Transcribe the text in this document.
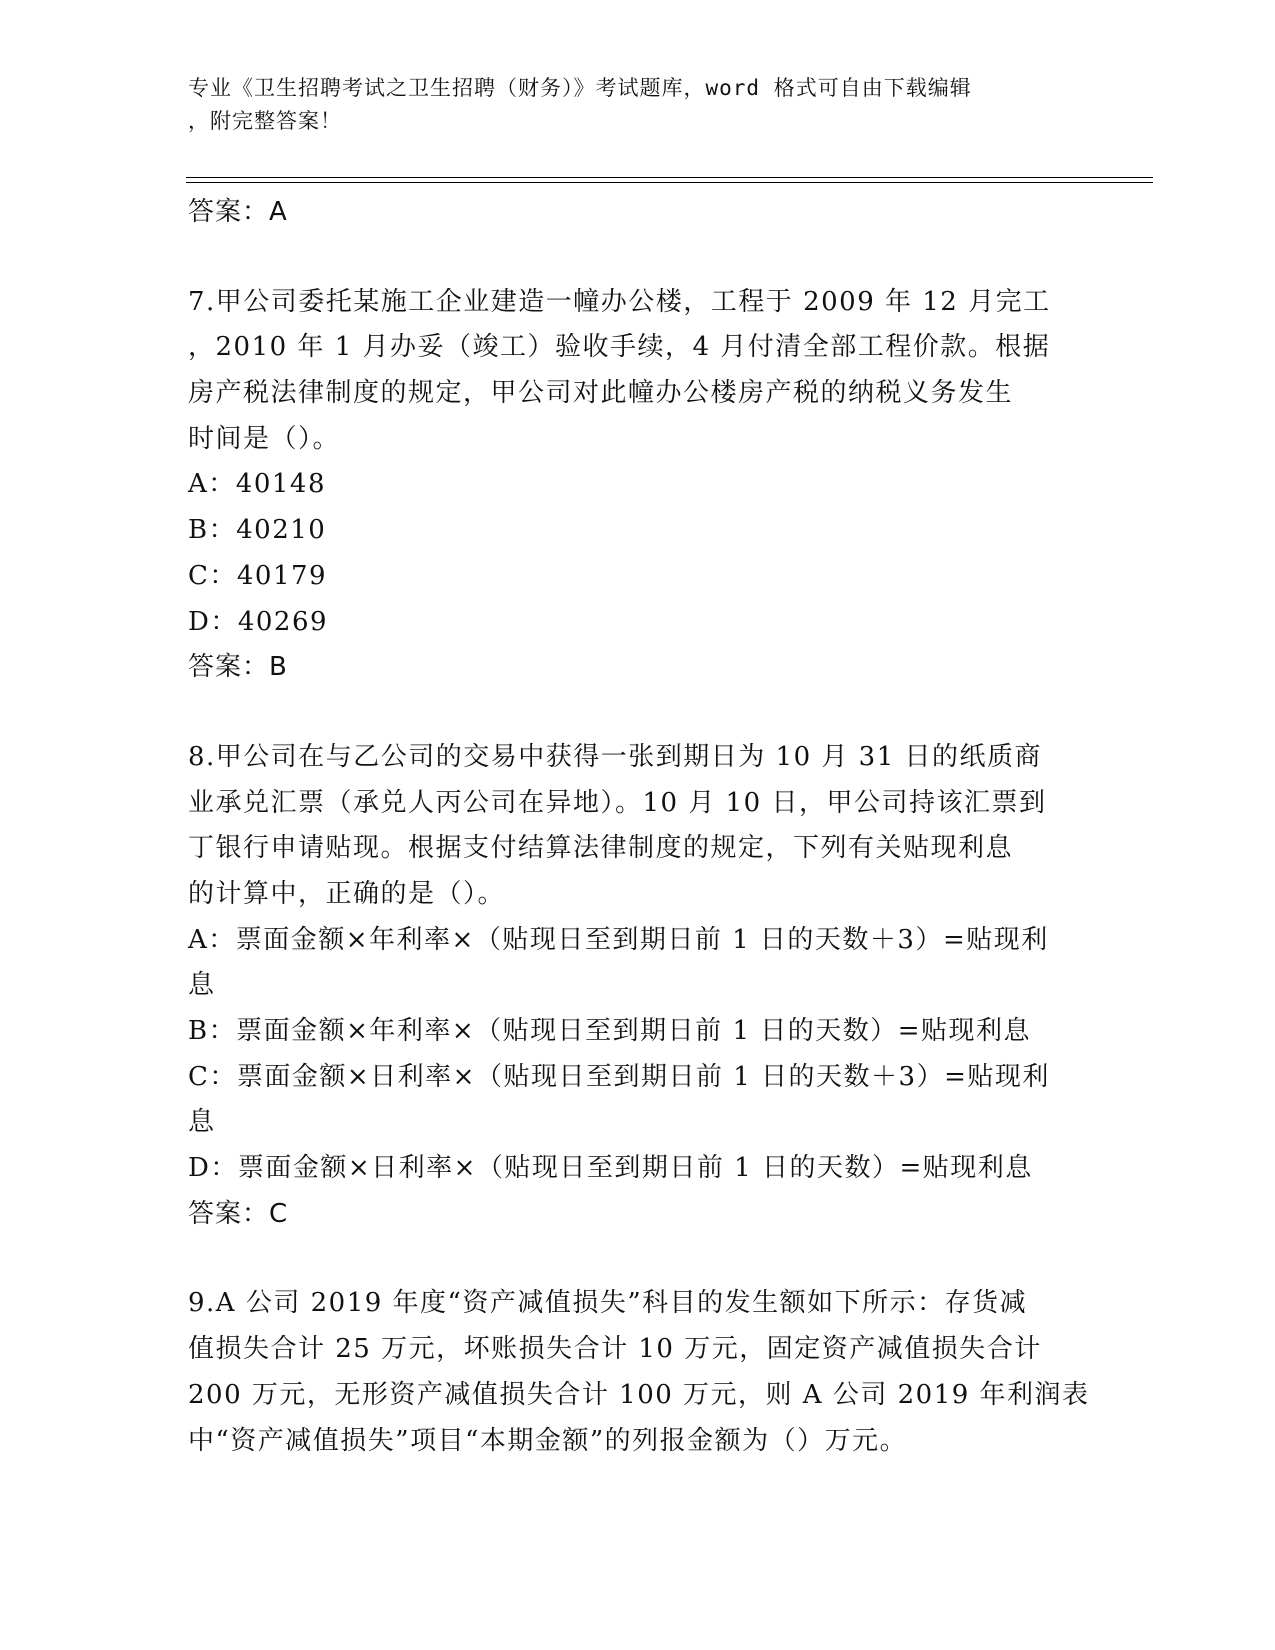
专业《卫生招聘考试之卫生招聘（财务）》考试题库，word 格式可自由下载编辑
，附完整答案！
答案：A
7.甲公司委托某施工企业建造一幢办公楼，工程于 2009 年 12 月完工
，2010 年 1 月办妥（竣工）验收手续，4 月付清全部工程价款。根据
房产税法律制度的规定，甲公司对此幢办公楼房产税的纳税义务发生
时间是（）。
A：40148
B：40210
C：40179
D：40269
答案：B
8.甲公司在与乙公司的交易中获得一张到期日为 10 月 31 日的纸质商
业承兑汇票（承兑人丙公司在异地）。10 月 10 日，甲公司持该汇票到
丁银行申请贴现。根据支付结算法律制度的规定，下列有关贴现利息
的计算中，正确的是（）。
A：票面金额×年利率×（贴现日至到期日前 1 日的天数＋3）=贴现利
息
B：票面金额×年利率×（贴现日至到期日前 1 日的天数）=贴现利息
C：票面金额×日利率×（贴现日至到期日前 1 日的天数＋3）=贴现利
息
D：票面金额×日利率×（贴现日至到期日前 1 日的天数）=贴现利息
答案：C
9.A 公司 2019 年度“资产减值损失”科目的发生额如下所示：存货减
值损失合计 25 万元，坏账损失合计 10 万元，固定资产减值损失合计
200 万元，无形资产减值损失合计 100 万元，则 A 公司 2019 年利润表
中“资产减值损失”项目“本期金额”的列报金额为（）万元。
